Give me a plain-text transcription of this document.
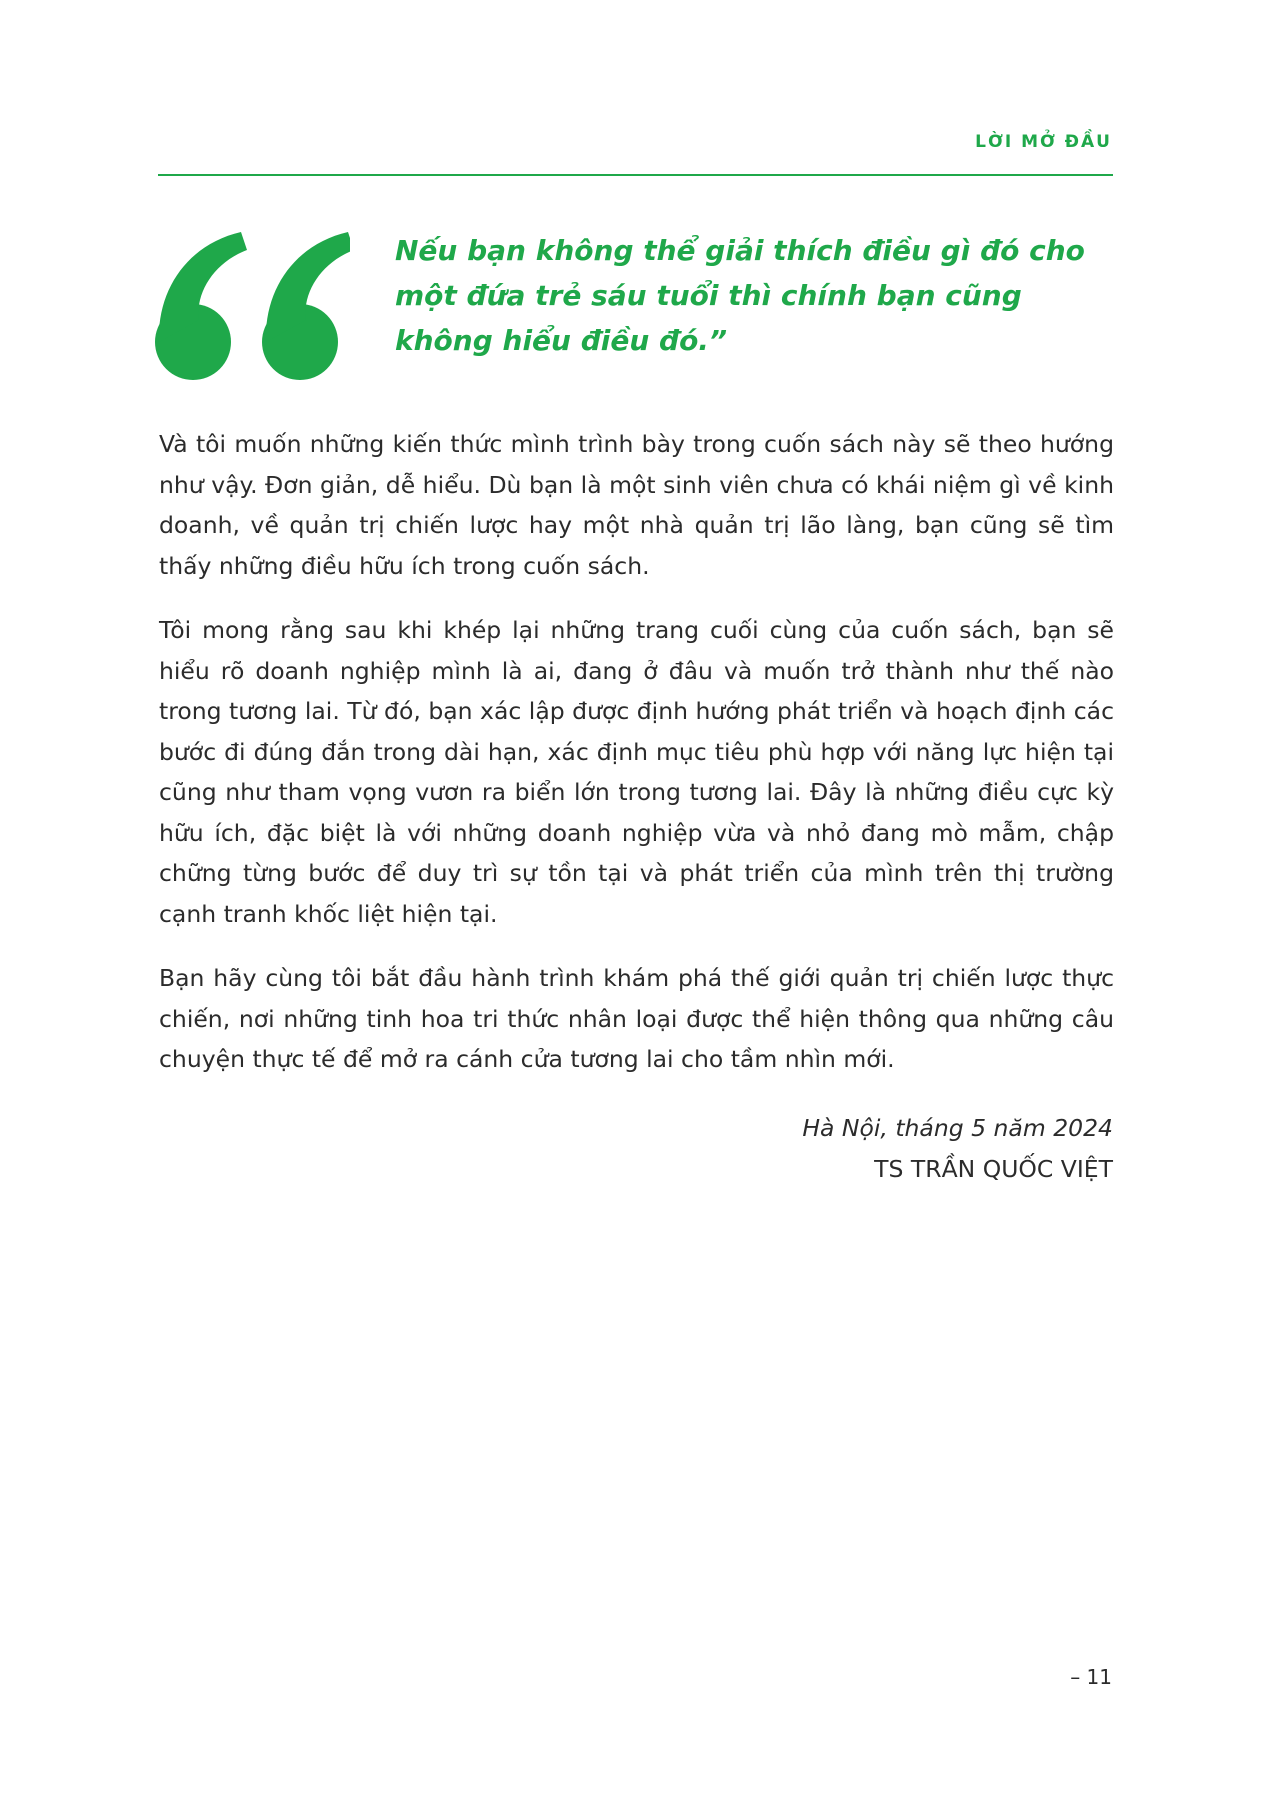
LỜI MỞ ĐẦU

Nếu bạn không thể giải thích điều gì đó cho một đứa trẻ sáu tuổi thì chính bạn cũng không hiểu điều đó.”

Và tôi muốn những kiến thức mình trình bày trong cuốn sách này sẽ theo hướng như vậy. Đơn giản, dễ hiểu. Dù bạn là một sinh viên chưa có khái niệm gì về kinh doanh, về quản trị chiến lược hay một nhà quản trị lão làng, bạn cũng sẽ tìm thấy những điều hữu ích trong cuốn sách.

Tôi mong rằng sau khi khép lại những trang cuối cùng của cuốn sách, bạn sẽ hiểu rõ doanh nghiệp mình là ai, đang ở đâu và muốn trở thành như thế nào trong tương lai. Từ đó, bạn xác lập được định hướng phát triển và hoạch định các bước đi đúng đắn trong dài hạn, xác định mục tiêu phù hợp với năng lực hiện tại cũng như tham vọng vươn ra biển lớn trong tương lai. Đây là những điều cực kỳ hữu ích, đặc biệt là với những doanh nghiệp vừa và nhỏ đang mò mẫm, chập chững từng bước để duy trì sự tồn tại và phát triển của mình trên thị trường cạnh tranh khốc liệt hiện tại.

Bạn hãy cùng tôi bắt đầu hành trình khám phá thế giới quản trị chiến lược thực chiến, nơi những tinh hoa tri thức nhân loại được thể hiện thông qua những câu chuyện thực tế để mở ra cánh cửa tương lai cho tầm nhìn mới.

Hà Nội, tháng 5 năm 2024
TS TRẦN QUỐC VIỆT
– 11
